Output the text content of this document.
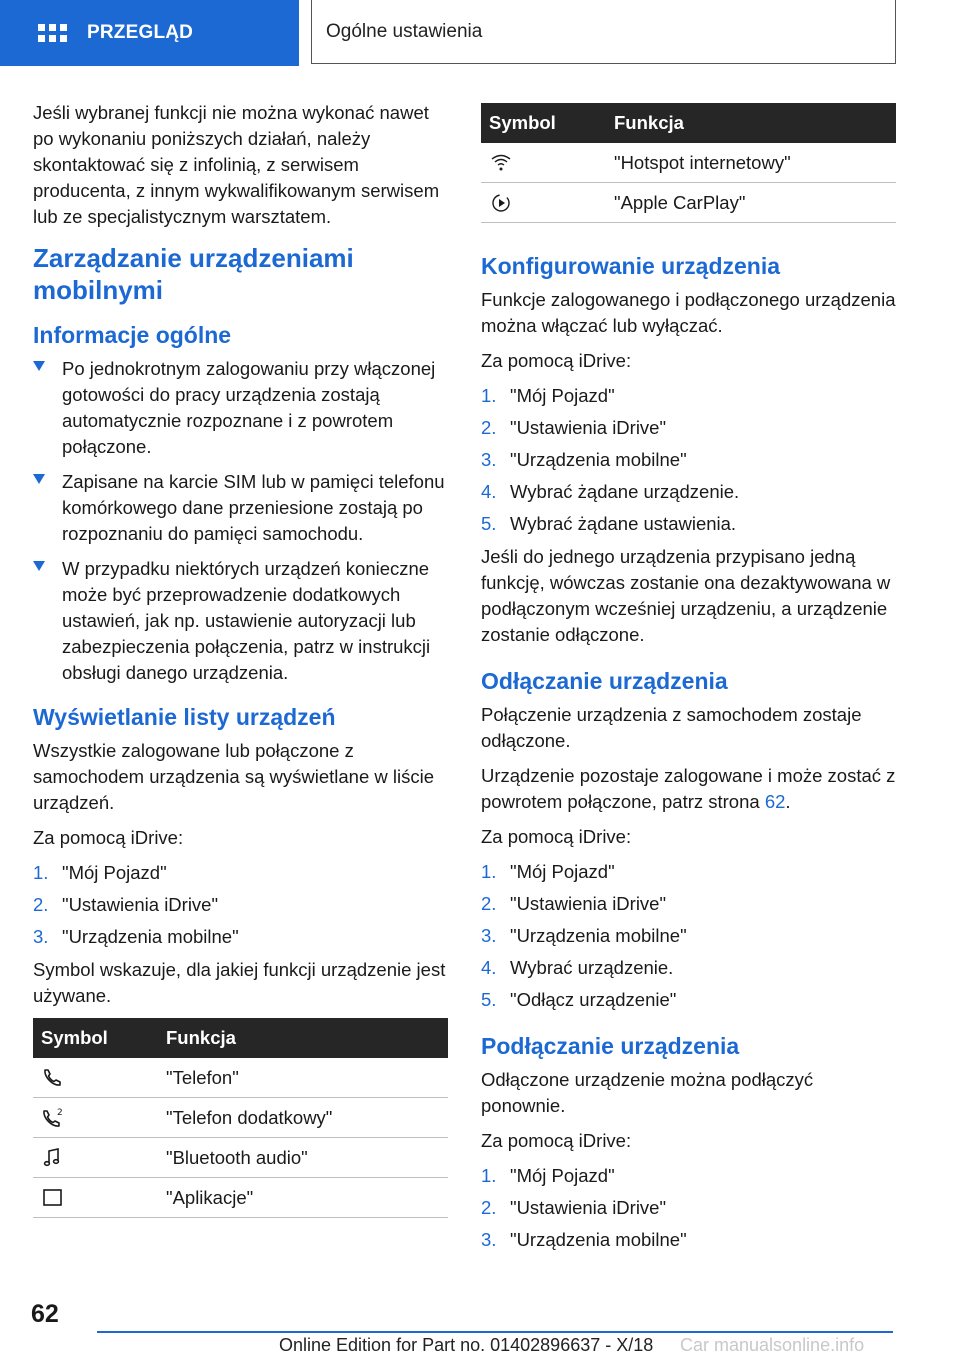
PRZEGLĄD	Ogólne ustawienia

Jeśli wybranej funkcji nie można wykonać nawet po wykonaniu poniższych działań, należy skontaktować się z infolinią, z serwisem producenta, z innym wykwalifikowanym serwisem lub ze specjalistycznym warsztatem.

Zarządzanie urządzeniami mobilnymi
Informacje ogólne
Po jednokrotnym zalogowaniu przy włączonej gotowości do pracy urządzenia zostają automatycznie rozpoznane i z powrotem połączone.
Zapisane na karcie SIM lub w pamięci telefonu komórkowego dane przeniesione zostają po rozpoznaniu do pamięci samochodu.
W przypadku niektórych urządzeń konieczne może być przeprowadzenie dodatkowych ustawień, jak np. ustawienie autoryzacji lub zabezpieczenia połączenia, patrz w instrukcji obsługi danego urządzenia.
Wyświetlanie listy urządzeń

Wszystkie zalogowane lub połączone z samochodem urządzenia są wyświetlane w liście urządzeń.

Za pomocą iDrive:

1. "Mój Pojazd"
2. "Ustawienia iDrive"
3. "Urządzenia mobilne"

Symbol wskazuje, dla jakiej funkcji urządzenie jest używane.

Symbol	Funkcja

	"Telefon"

2	"Telefon dodatkowy"

	"Bluetooth audio"

	"Aplikacje"
Symbol	Funkcja

	"Hotspot internetowy"

	"Apple CarPlay"
Konfigurowanie urządzenia

Funkcje zalogowanego i podłączonego urządzenia można włączać lub wyłączać.

Za pomocą iDrive:

1. "Mój Pojazd"
2. "Ustawienia iDrive"
3. "Urządzenia mobilne"
4. Wybrać żądane urządzenie.
5. Wybrać żądane ustawienia.

Jeśli do jednego urządzenia przypisano jedną funkcję, wówczas zostanie ona dezaktywowana w podłączonym wcześniej urządzeniu, a urządzenie zostanie odłączone.

Odłączanie urządzenia

Połączenie urządzenia z samochodem zostaje odłączone.

Urządzenie pozostaje zalogowane i może zostać z powrotem połączone, patrz strona 62.

Za pomocą iDrive:

1. "Mój Pojazd"
2. "Ustawienia iDrive"
3. "Urządzenia mobilne"
4. Wybrać urządzenie.
5. "Odłącz urządzenie"
Podłączanie urządzenia

Odłączone urządzenie można podłączyć ponownie.

Za pomocą iDrive:

1. "Mój Pojazd"
2. "Ustawienia iDrive"
3. "Urządzenia mobilne"
62
Online Edition for Part no. 01402896637 - X/18 Car manualsonline.info
